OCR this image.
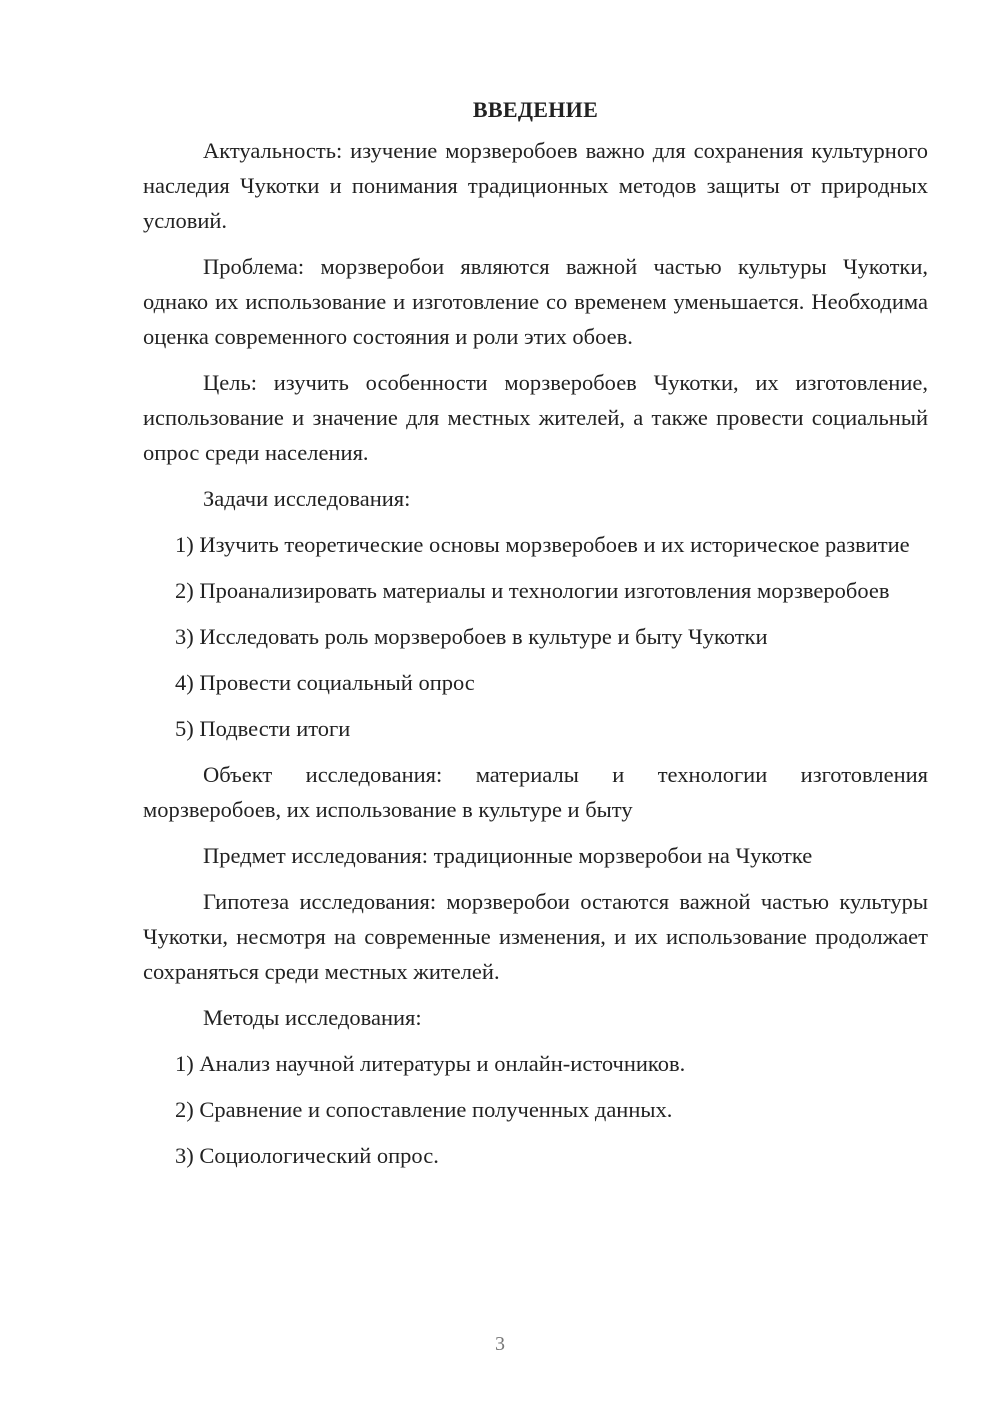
ВВЕДЕНИЕ

Актуальность: изучение морзверобоев важно для сохранения культурного наследия Чукотки и понимания традиционных методов защиты от природных условий.

Проблема: морзверобои являются важной частью культуры Чукотки, однако их использование и изготовление со временем уменьшается. Необходима оценка современного состояния и роли этих обоев.

Цель: изучить особенности морзверобоев Чукотки, их изготовление, использование и значение для местных жителей, а также провести социальный опрос среди населения.

Задачи исследования:

1) Изучить теоретические основы морзверобоев и их историческое развитие

2) Проанализировать материалы и технологии изготовления морзверобоев

3) Исследовать роль морзверобоев в культуре и быту Чукотки

4) Провести социальный опрос

5) Подвести итоги

Объект исследования: материалы и технологии изготовления морзверобоев, их использование в культуре и быту

Предмет исследования: традиционные морзверобои на Чукотке

Гипотеза исследования: морзверобои остаются важной частью культуры Чукотки, несмотря на современные изменения, и их использование продолжает сохраняться среди местных жителей.

Методы исследования:

1) Анализ научной литературы и онлайн-источников.

2) Сравнение и сопоставление полученных данных.

3) Социологический опрос.

3
